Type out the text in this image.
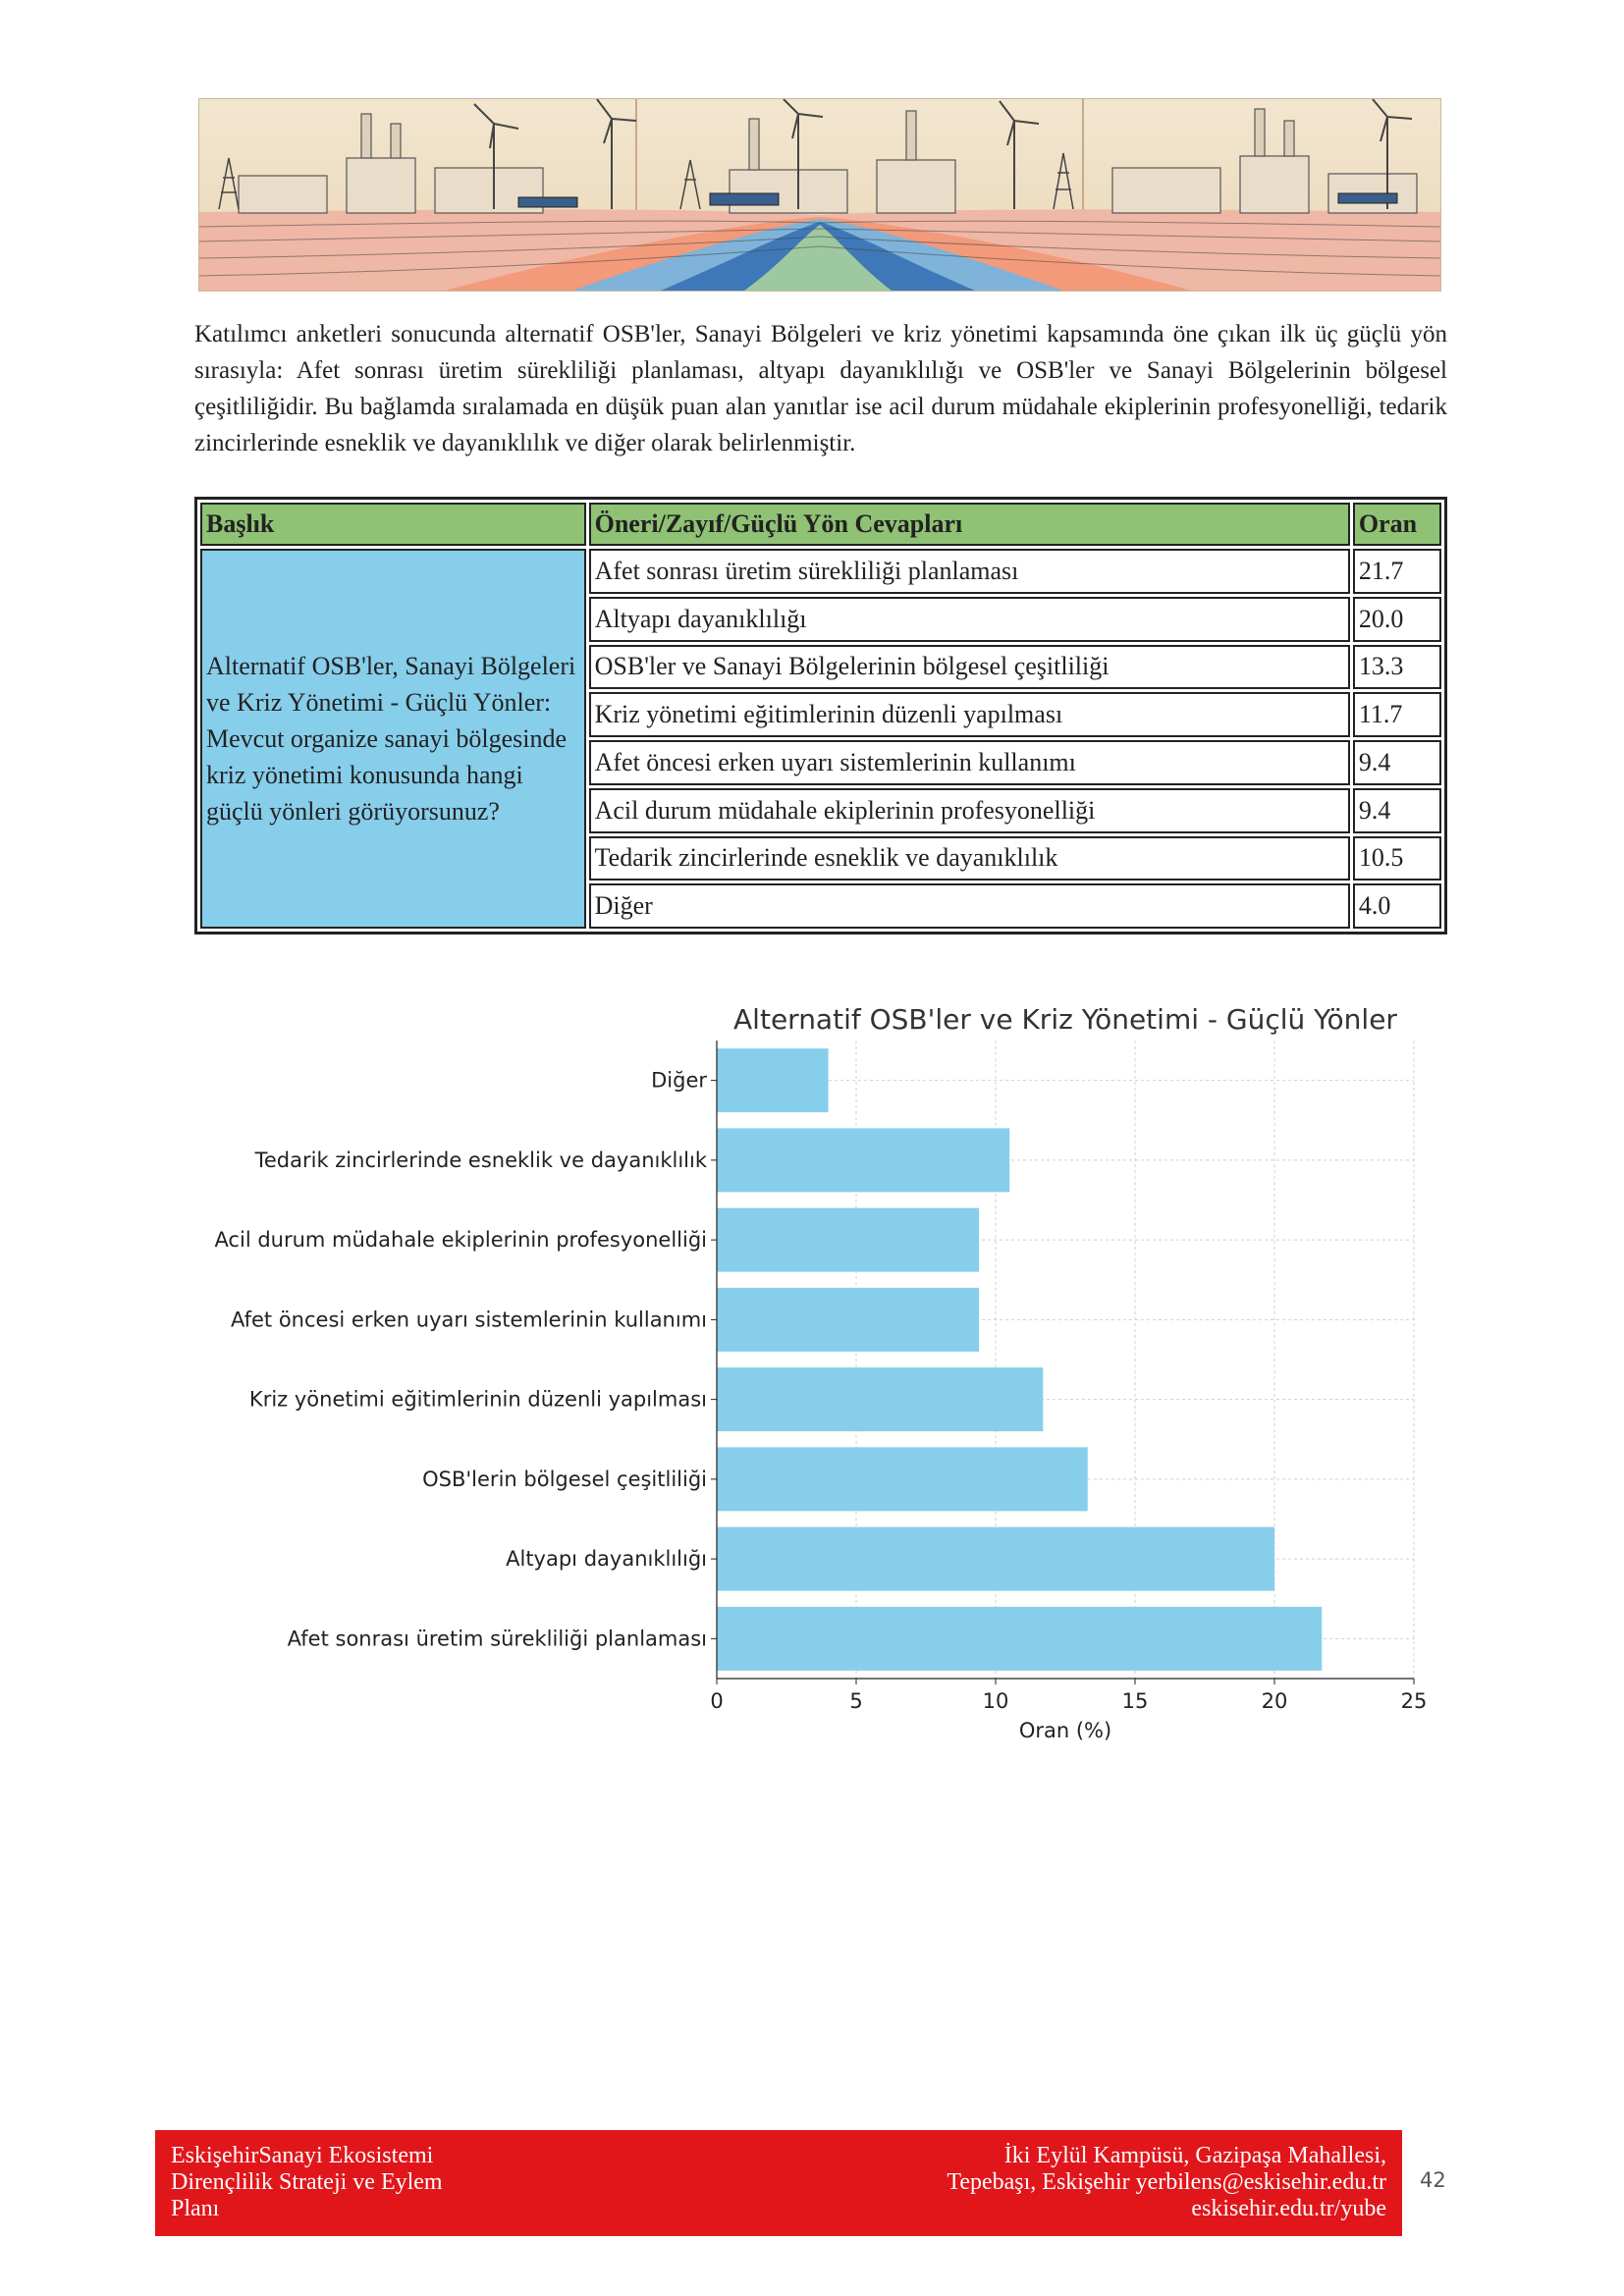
Katılımcı anketleri sonucunda alternatif OSB'ler, Sanayi Bölgeleri ve kriz yönetimi kapsamında öne çıkan ilk üç güçlü yön sırasıyla: Afet sonrası üretim sürekliliği planlaması, altyapı dayanıklılığı ve OSB'ler ve Sanayi Bölgelerinin bölgesel çeşitliliğidir. Bu bağlamda sıralamada en düşük puan alan yanıtlar ise acil durum müdahale ekiplerinin profesyonelliği, tedarik zincirlerinde esneklik ve dayanıklılık ve diğer olarak belirlenmiştir.

Başlık	Öneri/Zayıf/Güçlü Yön Cevapları	Oran
Alternatif OSB'ler, Sanayi Bölgeleri ve Kriz Yönetimi - Güçlü Yönler: Mevcut organize sanayi bölgesinde kriz yönetimi konusunda hangi güçlü yönleri görüyorsunuz?	Afet sonrası üretim sürekliliği planlaması	21.7
	Altyapı dayanıklılığı	20.0
	OSB'ler ve Sanayi Bölgelerinin bölgesel çeşitliliği	13.3
	Kriz yönetimi eğitimlerinin düzenli yapılması	11.7
	Afet öncesi erken uyarı sistemlerinin kullanımı	9.4
	Acil durum müdahale ekiplerinin profesyonelliği	9.4
	Tedarik zincirlerinde esneklik ve dayanıklılık	10.5
	Diğer	4.0
Afet sonrası üretim sürekliliği planlaması
Altyapı dayanıklılığı
OSB'lerin bölgesel çeşitliliği
Kriz yönetimi eğitimlerinin düzenli yapılması
Afet öncesi erken uyarı sistemlerinin kullanımı
Acil durum müdahale ekiplerinin profesyonelliği
Tedarik zincirlerinde esneklik ve dayanıklılık
Diğer
0	5	10	15	20	25
Oran (%)
Alternatif OSB'ler ve Kriz Yönetimi - Güçlü Yönler
EskişehirSanayi Ekosistemi
Dirençlilik Strateji ve Eylem
Planı
İki Eylül Kampüsü, Gazipaşa Mahallesi,
Tepebaşı, Eskişehir yerbilens@eskisehir.edu.tr
eskisehir.edu.tr/yube
42
